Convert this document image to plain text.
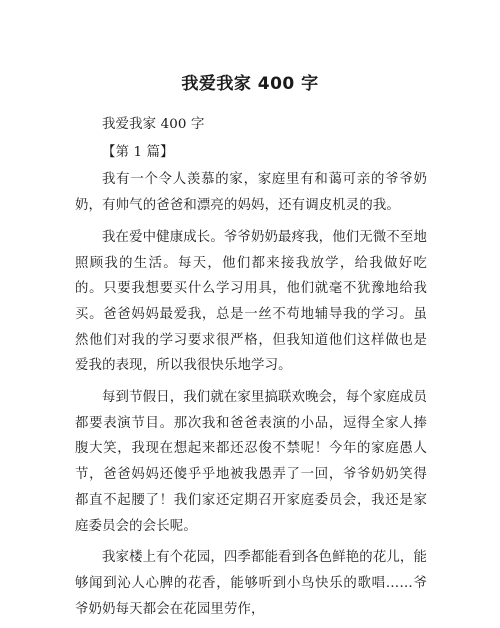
我爱我家 400 字

我爱我家 400 字

【第 1 篇】

我有一个令人羡慕的家，家庭里有和蔼可亲的爷爷奶奶，有帅气的爸爸和漂亮的妈妈，还有调皮机灵的我。

我在爱中健康成长。爷爷奶奶最疼我，他们无微不至地照顾我的生活。每天，他们都来接我放学，给我做好吃的。只要我想要买什么学习用具，他们就毫不犹豫地给我买。爸爸妈妈最爱我，总是一丝不苟地辅导我的学习。虽然他们对我的学习要求很严格，但我知道他们这样做也是爱我的表现，所以我很快乐地学习。

每到节假日，我们就在家里搞联欢晚会，每个家庭成员都要表演节目。那次我和爸爸表演的小品，逗得全家人捧腹大笑，我现在想起来都还忍俊不禁呢！今年的家庭愚人节，爸爸妈妈还傻乎乎地被我愚弄了一回，爷爷奶奶笑得都直不起腰了！我们家还定期召开家庭委员会，我还是家庭委员会的会长呢。

我家楼上有个花园，四季都能看到各色鲜艳的花儿，能够闻到沁人心脾的花香，能够听到小鸟快乐的歌唱……爷爷奶奶每天都会在花园里劳作，
